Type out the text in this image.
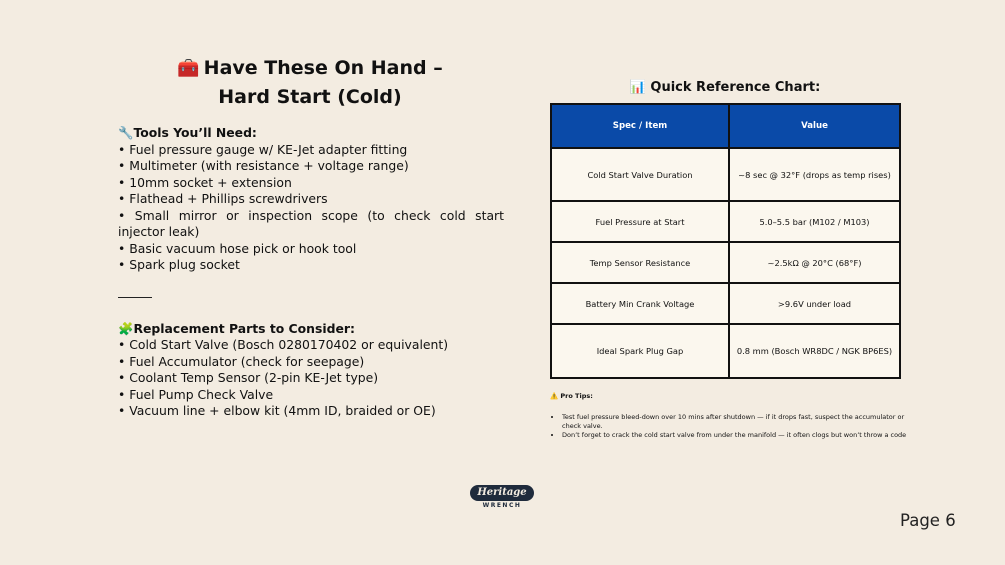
🧰 Have These On Hand –
Hard Start (Cold)
🔧Tools You’ll Need:
• Fuel pressure gauge w/ KE-Jet adapter fitting
• Multimeter (with resistance + voltage range)
• 10mm socket + extension
• Flathead + Phillips screwdrivers
• Small mirror or inspection scope (to check cold start injector leak)
• Basic vacuum hose pick or hook tool
• Spark plug socket
🧩Replacement Parts to Consider:
• Cold Start Valve (Bosch 0280170402 or equivalent)
• Fuel Accumulator (check for seepage)
• Coolant Temp Sensor (2-pin KE-Jet type)
• Fuel Pump Check Valve
• Vacuum line + elbow kit (4mm ID, braided or OE)
📊 Quick Reference Chart:
Spec / Item	Value
Cold Start Valve Duration	~8 sec @ 32°F (drops as temp rises)
Fuel Pressure at Start	5.0–5.5 bar (M102 / M103)
Temp Sensor Resistance	~2.5kΩ @ 20°C (68°F)
Battery Min Crank Voltage	>9.6V under load
Ideal Spark Plug Gap	0.8 mm (Bosch WR8DC / NGK BP6ES)
⚠️ Pro Tips:
• Test fuel pressure bleed-down over 10 mins after shutdown — if it drops fast, suspect the accumulator or check valve.
• Don’t forget to crack the cold start valve from under the manifold — it often clogs but won’t throw a code
Heritage
WRENCH
Page 6
